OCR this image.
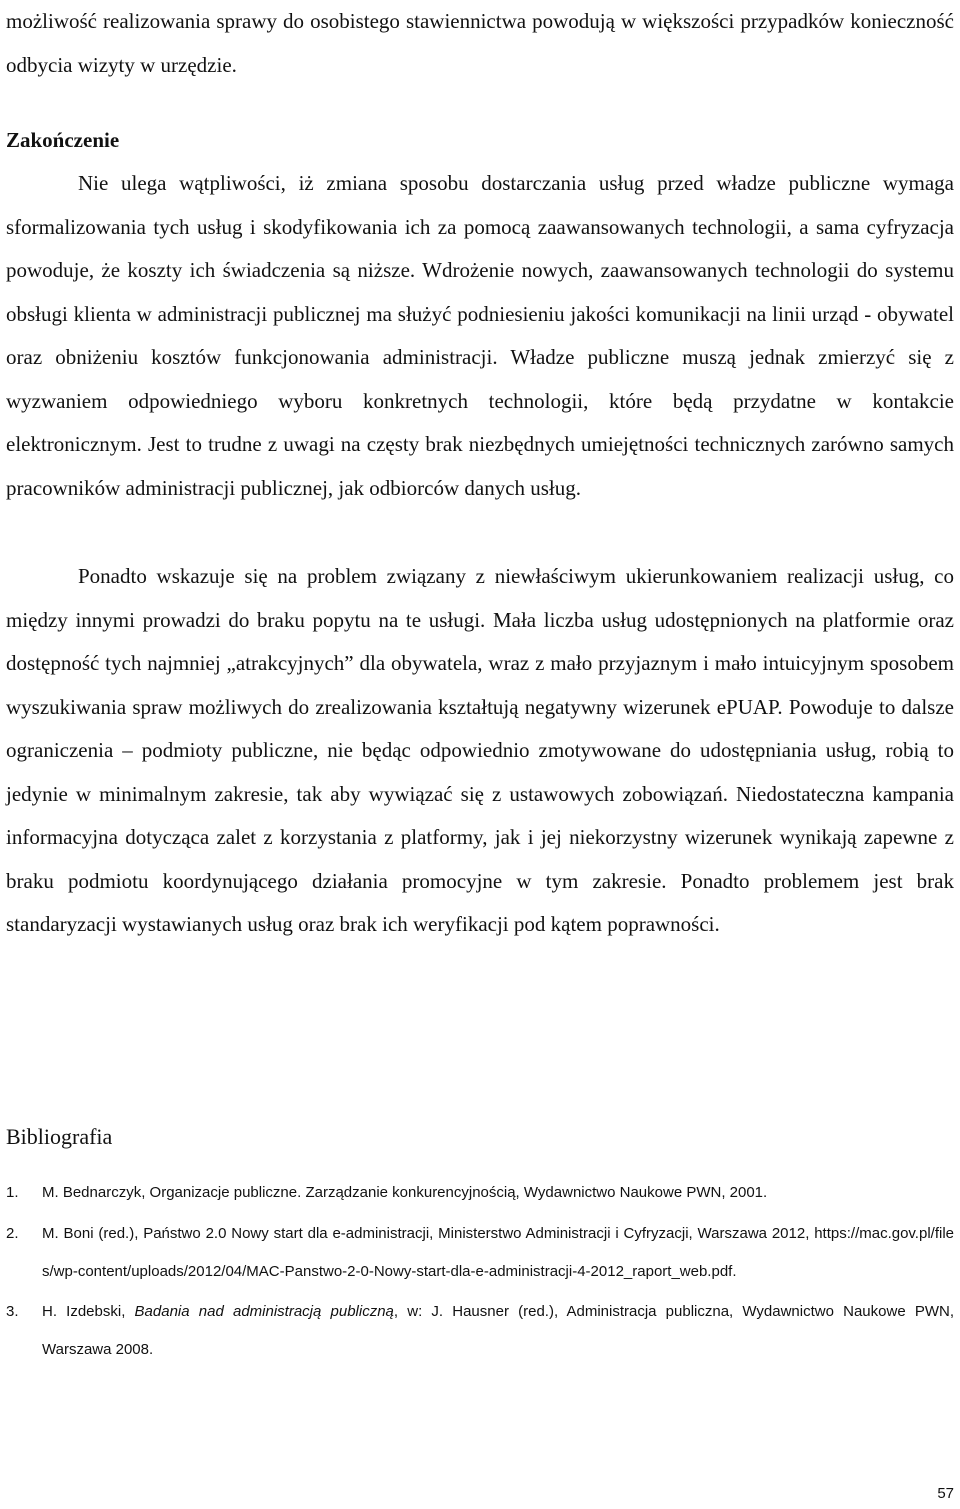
możliwość realizowania sprawy do osobistego stawiennictwa powodują w większości przypadków konieczność odbycia wizyty w urzędzie.

Zakończenie

Nie ulega wątpliwości, iż zmiana sposobu dostarczania usług przed władze publiczne wymaga sformalizowania tych usług i skodyfikowania ich za pomocą zaawansowanych technologii, a sama cyfryzacja powoduje, że koszty ich świadczenia są niższe. Wdrożenie nowych, zaawansowanych technologii do systemu obsługi klienta w administracji publicznej ma służyć podniesieniu jakości komunikacji na linii urząd - obywatel oraz obniżeniu kosztów funkcjonowania administracji. Władze publiczne muszą jednak zmierzyć się z wyzwaniem odpowiedniego wyboru konkretnych technologii, które będą przydatne w kontakcie elektronicznym. Jest to trudne z uwagi na częsty brak niezbędnych umiejętności technicznych zarówno samych pracowników administracji publicznej, jak odbiorców danych usług.

Ponadto wskazuje się na problem związany z niewłaściwym ukierunkowaniem realizacji usług, co między innymi prowadzi do braku popytu na te usługi. Mała liczba usług udostępnionych na platformie oraz dostępność tych najmniej „atrakcyjnych” dla obywatela, wraz z mało przyjaznym i mało intuicyjnym sposobem wyszukiwania spraw możliwych do zrealizowania kształtują negatywny wizerunek ePUAP. Powoduje to dalsze ograniczenia – podmioty publiczne, nie będąc odpowiednio zmotywowane do udostępniania usług, robią to jedynie w minimalnym zakresie, tak aby wywiązać się z ustawowych zobowiązań. Niedostateczna kampania informacyjna dotycząca zalet z korzystania z platformy, jak i jej niekorzystny wizerunek wynikają zapewne z braku podmiotu koordynującego działania promocyjne w tym zakresie. Ponadto problemem jest brak standaryzacji wystawianych usług oraz brak ich weryfikacji pod kątem poprawności.

Bibliografia
1. M. Bednarczyk, Organizacje publiczne. Zarządzanie konkurencyjnością, Wydawnictwo Naukowe PWN, 2001.
2. M. Boni (red.), Państwo 2.0 Nowy start dla e-administracji, Ministerstwo Administracji i Cyfryzacji, Warszawa 2012, https://mac.gov.pl/files/wp-content/uploads/2012/04/MAC-Panstwo-2-0-Nowy-start-dla-e-administracji-4-2012_raport_web.pdf.
3. H. Izdebski, Badania nad administracją publiczną, w: J. Hausner (red.), Administracja publiczna, Wydawnictwo Naukowe PWN, Warszawa 2008.
57
